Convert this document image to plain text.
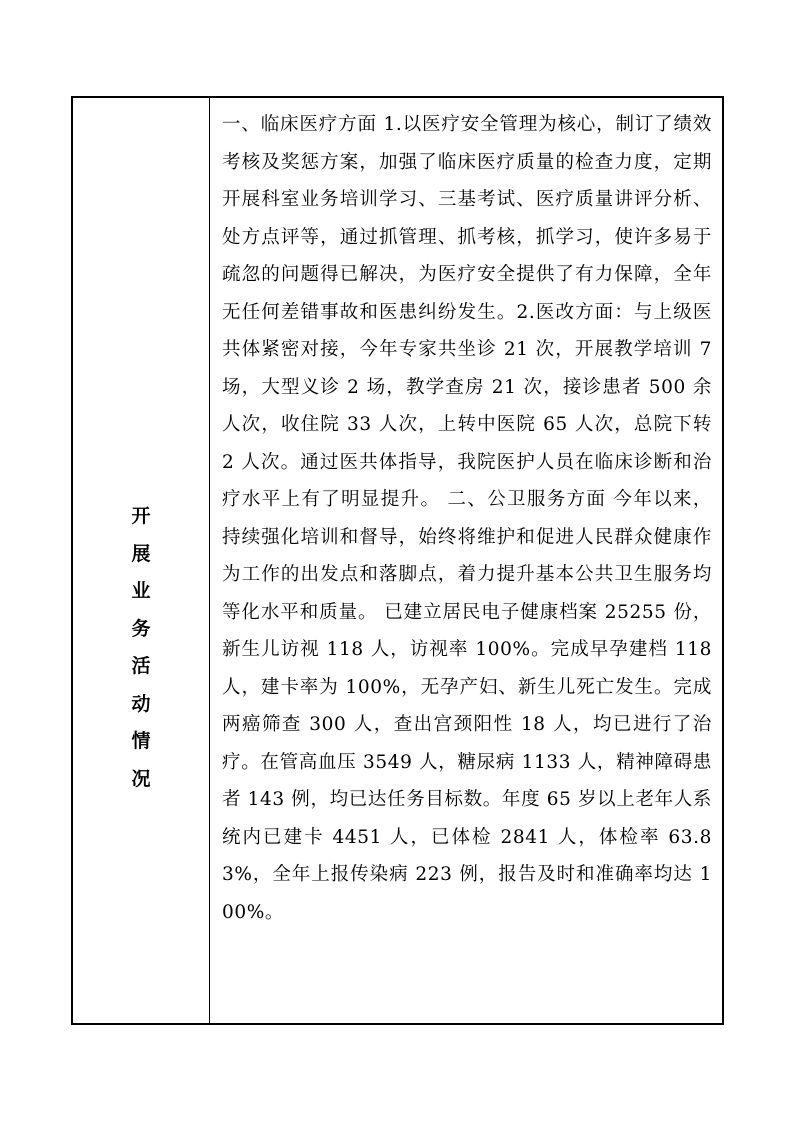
开
展
业
务
活
动
情
况

一、临床医疗方面 1.以医疗安全管理为核心，制订了绩效考核及奖惩方案，加强了临床医疗质量的检查力度，定期开展科室业务培训学习、三基考试、医疗质量讲评分析、处方点评等，通过抓管理、抓考核，抓学习，使许多易于疏忽的问题得已解决，为医疗安全提供了有力保障，全年无任何差错事故和医患纠纷发生。2.医改方面：与上级医共体紧密对接，今年专家共坐诊 21 次，开展教学培训 7 场，大型义诊 2 场，教学查房 21 次，接诊患者 500 余人次，收住院 33 人次，上转中医院 65 人次，总院下转 2 人次。通过医共体指导，我院医护人员在临床诊断和治疗水平上有了明显提升。 二、公卫服务方面 今年以来，持续强化培训和督导，始终将维护和促进人民群众健康作为工作的出发点和落脚点，着力提升基本公共卫生服务均等化水平和质量。 已建立居民电子健康档案 25255 份，新生儿访视 118 人，访视率 100%。完成早孕建档 118 人，建卡率为 100%，无孕产妇、新生儿死亡发生。完成两癌筛查 300 人，查出宫颈阳性 18 人，均已进行了治疗。在管高血压 3549 人，糖尿病 1133 人，精神障碍患者 143 例，均已达任务目标数。年度 65 岁以上老年人系统内已建卡 4451 人，已体检 2841 人，体检率 63.83%，全年上报传染病 223 例，报告及时和准确率均达 100%。
